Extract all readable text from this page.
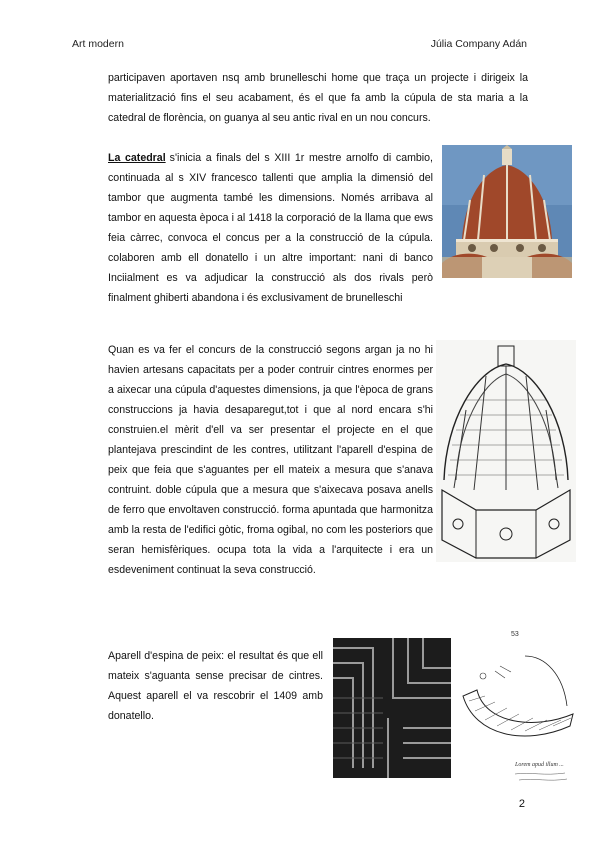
Art modern	Júlia Company Adán

participaven aportaven nsq amb brunelleschi home que traça un projecte i dirigeix la materialització fins el seu acabament, és el que fa amb la cúpula de sta maria a la catedral de florència, on guanya al seu antic rival en un nou concurs.

La catedral s'inicia a finals del s XIII 1r mestre arnolfo di cambio, continuada al s XIV francesco tallenti que amplia la dimensió del tambor que augmenta també les dimensions. Només arribava al tambor en aquesta època i al 1418 la corporació de la llama que ews feia càrrec, convoca el concus per a la construcció de la cúpula. colaboren amb ell donatello i un altre important: nani di banco Inciialment es va adjudicar la construcció als dos rivals però finalment ghiberti abandona i és exclusivament de brunelleschi

Quan es va fer el concurs de la construcció segons argan ja no hi havien artesans capacitats per a poder contruir cintres enormes per a aixecar una cúpula d'aquestes dimensions, ja que l'època de grans construccions ja havia desaparegut,tot i que al nord encara s'hi construien.el mèrit d'ell va ser presentar el projecte en el que plantejava prescindint de les contres, utilitzant l'aparell d'espina de peix que feia que s'aguantes per ell mateix a mesura que s'anava contruint. doble cúpula que a mesura que s'aixecava posava anells de ferro que envoltaven construcció. forma apuntada que harmonitza amb la resta de l'edifici gòtic, froma ogibal, no com les posteriors que seran hemisfèriques. ocupa tota la vida a l'arquitecte i era un esdeveniment continuat la seva construcció.

Aparell d'espina de peix: el resultat és que ell mateix s'aguanta sense precisar de cintres. Aquest aparell el va rescobrir el 1409 amb donatello.

53
Lorem apud illum ...
2
